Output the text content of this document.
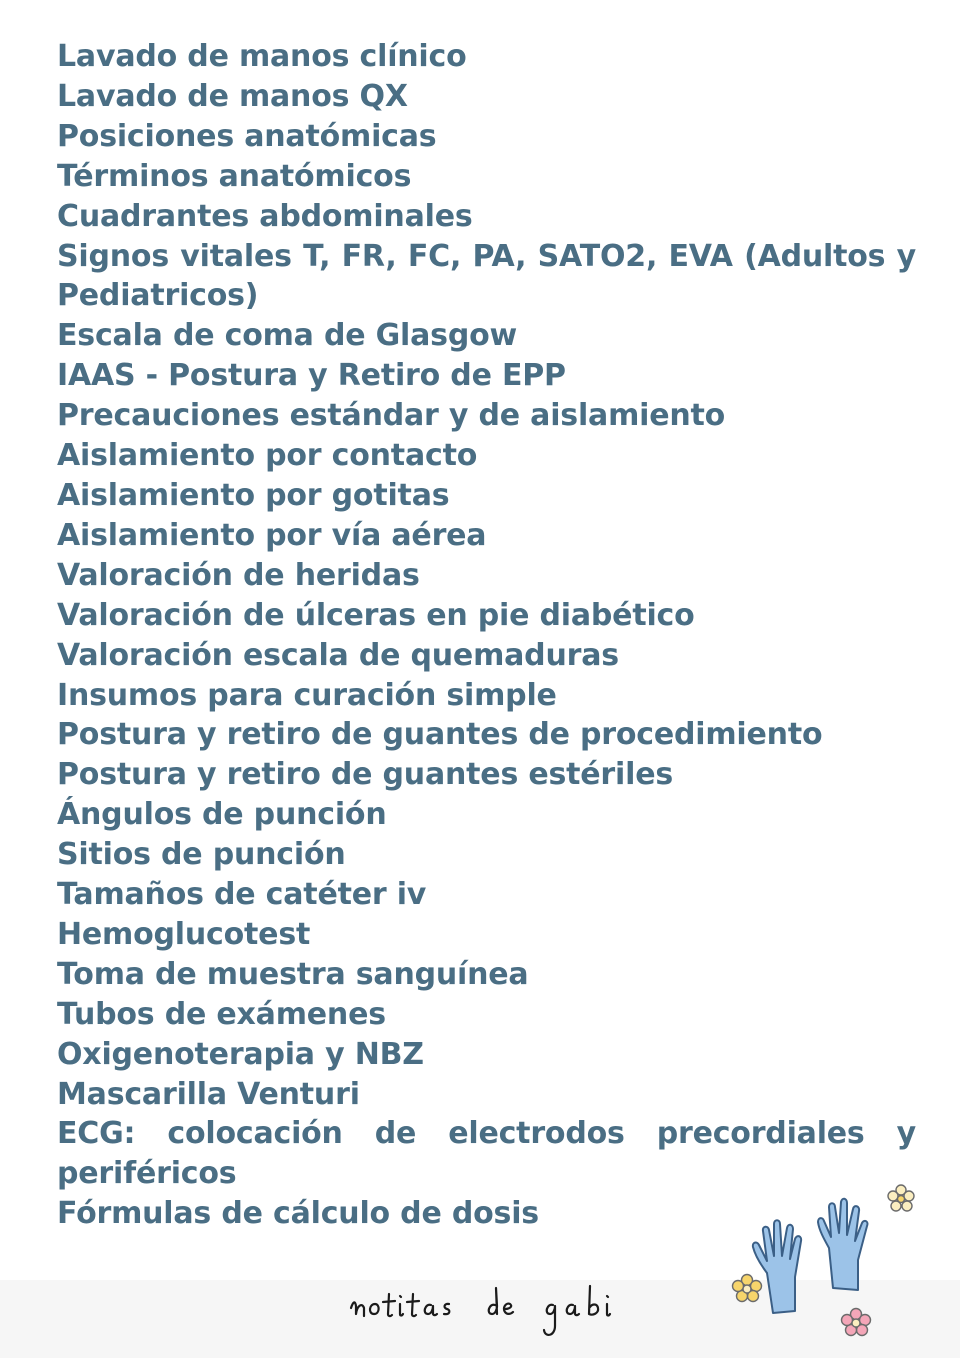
Lavado de manos clínico
Lavado de manos QX
Posiciones anatómicas
Términos anatómicos
Cuadrantes abdominales
Signos vitales T, FR, FC, PA, SATO2, EVA (Adultos y Pediatricos)
Escala de coma de Glasgow
IAAS - Postura y Retiro de EPP
Precauciones estándar y de aislamiento
Aislamiento por contacto
Aislamiento por gotitas
Aislamiento por vía aérea
Valoración de heridas
Valoración de úlceras en pie diabético
Valoración escala de quemaduras
Insumos para curación simple
Postura y retiro de guantes de procedimiento
Postura y retiro de guantes estériles
Ángulos de punción
Sitios de punción
Tamaños de catéter iv
Hemoglucotest
Toma de muestra sanguínea
Tubos de exámenes
Oxigenoterapia y NBZ
Mascarilla Venturi
ECG: colocación de electrodos precordiales y periféricos
Fórmulas de cálculo de dosis
